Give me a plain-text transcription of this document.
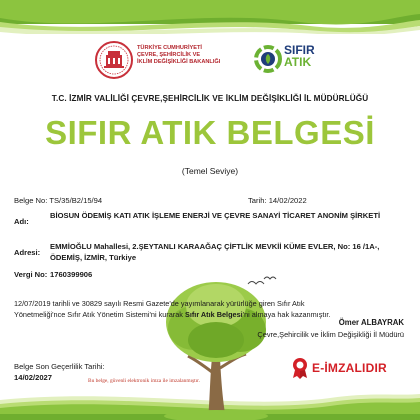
TÜRKİYE CUMHURİYETİ
ÇEVRE, ŞEHİRCİLİK VE
İKLİM DEĞİŞİKLİĞİ BAKANLIĞI
SIFIR
ATIK
T.C. İZMİR VALİLİĞİ ÇEVRE,ŞEHİRCİLİK VE İKLİM DEĞİŞİKLİĞİ İL MÜDÜRLÜĞÜ
SIFIR ATIK BELGESİ
(Temel Seviye)
Belge No: TS/35/B2/15/94	Tarih: 14/02/2022
Adı:
BİOSUN ÖDEMİŞ KATI ATIK İŞLEME ENERJİ VE ÇEVRE SANAYİ TİCARET ANONİM ŞİRKETİ
Adresi:
EMMİOĞLU Mahallesi, 2.ŞEYTANLI KARAAĞAÇ ÇİFTLİK MEVKİİ KÜME EVLER, No: 16 /1A-, ÖDEMİŞ, İZMİR, Türkiye
Vergi No: 1760399906
12/07/2019 tarihli ve 30829 sayılı Resmi Gazete'de yayımlanarak yürürlüğe giren Sıfır Atık Yönetmeliği'nce Sıfır Atık Yönetim Sistemi'ni kurarak Sıfır Atık Belgesi'ni almaya hak kazanmıştır.
Ömer ALBAYRAK
Çevre,Şehircilik ve İklim Değişikliği İl Müdürü
E-İMZALIDIR
Belge Son Geçerlilik Tarihi:
14/02/2027	Bu belge, güvenli elektronik imza ile imzalanmıştır.
